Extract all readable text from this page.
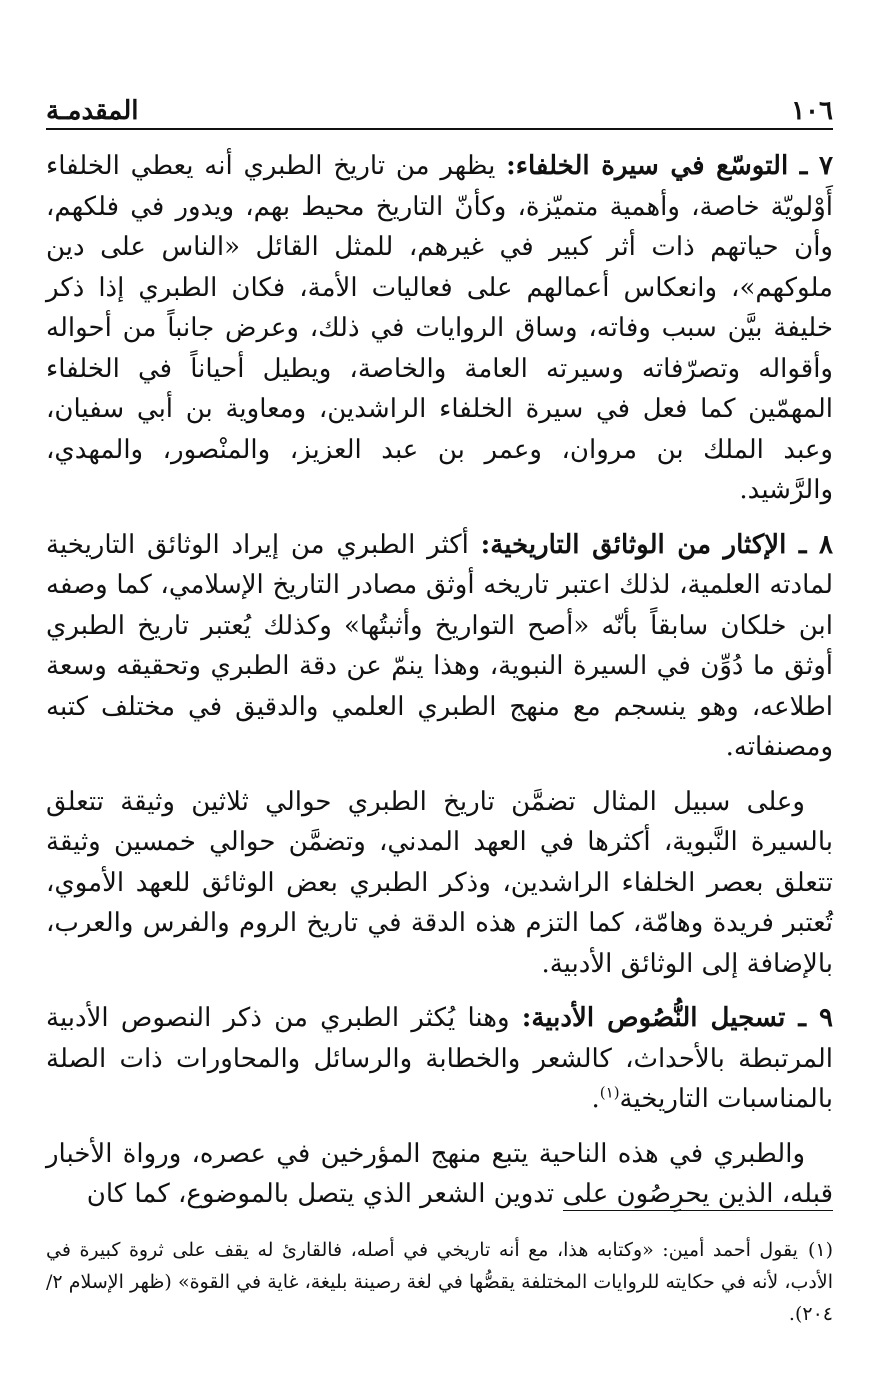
١٠٦
المقدمـة

٧ ـ التوسّع في سيرة الخلفاء: يظهر من تاريخ الطبري أنه يعطي الخلفاء أَوْلويّة خاصة، وأهمية متميّزة، وكأنّ التاريخ محيط بهم، ويدور في فلكهم، وأن حياتهم ذات أثر كبير في غيرهم، للمثل القائل «الناس على دين ملوكهم»، وانعكاس أعمالهم على فعاليات الأمة، فكان الطبري إذا ذكر خليفة بيَّن سبب وفاته، وساق الروايات في ذلك، وعرض جانباً من أحواله وأقواله وتصرّفاته وسيرته العامة والخاصة، ويطيل أحياناً في الخلفاء المهمّين كما فعل في سيرة الخلفاء الراشدين، ومعاوية بن أبي سفيان، وعبد الملك بن مروان، وعمر بن عبد العزيز، والمنْصور، والمهدي، والرَّشيد.

٨ ـ الإكثار من الوثائق التاريخية: أكثر الطبري من إيراد الوثائق التاريخية لمادته العلمية، لذلك اعتبر تاريخه أوثق مصادر التاريخ الإسلامي، كما وصفه ابن خلكان سابقاً بأنّه «أصح التواريخ وأثبتُها» وكذلك يُعتبر تاريخ الطبري أوثق ما دُوِّن في السيرة النبوية، وهذا ينمّ عن دقة الطبري وتحقيقه وسعة اطلاعه، وهو ينسجم مع منهج الطبري العلمي والدقيق في مختلف كتبه ومصنفاته.

وعلى سبيل المثال تضمَّن تاريخ الطبري حوالي ثلاثين وثيقة تتعلق بالسيرة النَّبوية، أكثرها في العهد المدني، وتضمَّن حوالي خمسين وثيقة تتعلق بعصر الخلفاء الراشدين، وذكر الطبري بعض الوثائق للعهد الأموي، تُعتبر فريدة وهامّة، كما التزم هذه الدقة في تاريخ الروم والفرس والعرب، بالإضافة إلى الوثائق الأدبية.

٩ ـ تسجيل النُّصُوص الأدبية: وهنا يُكثر الطبري من ذكر النصوص الأدبية المرتبطة بالأحداث، كالشعر والخطابة والرسائل والمحاورات ذات الصلة بالمناسبات التاريخية$^{(١)}$.

والطبري في هذه الناحية يتبع منهج المؤرخين في عصره، ورواة الأخبار قبله، الذين يحرِصُون على تدوين الشعر الذي يتصل بالموضوع، كما كان

(١)يقول أحمد أمين: «وكتابه هذا، مع أنه تاريخي في أصله، فالقارئ له يقف على ثروة كبيرة في الأدب، لأنه في حكايته للروايات المختلفة يقصُّها في لغة رصينة بليغة، غاية في القوة» (ظهر الإسلام ٢/ ٢٠٤).
